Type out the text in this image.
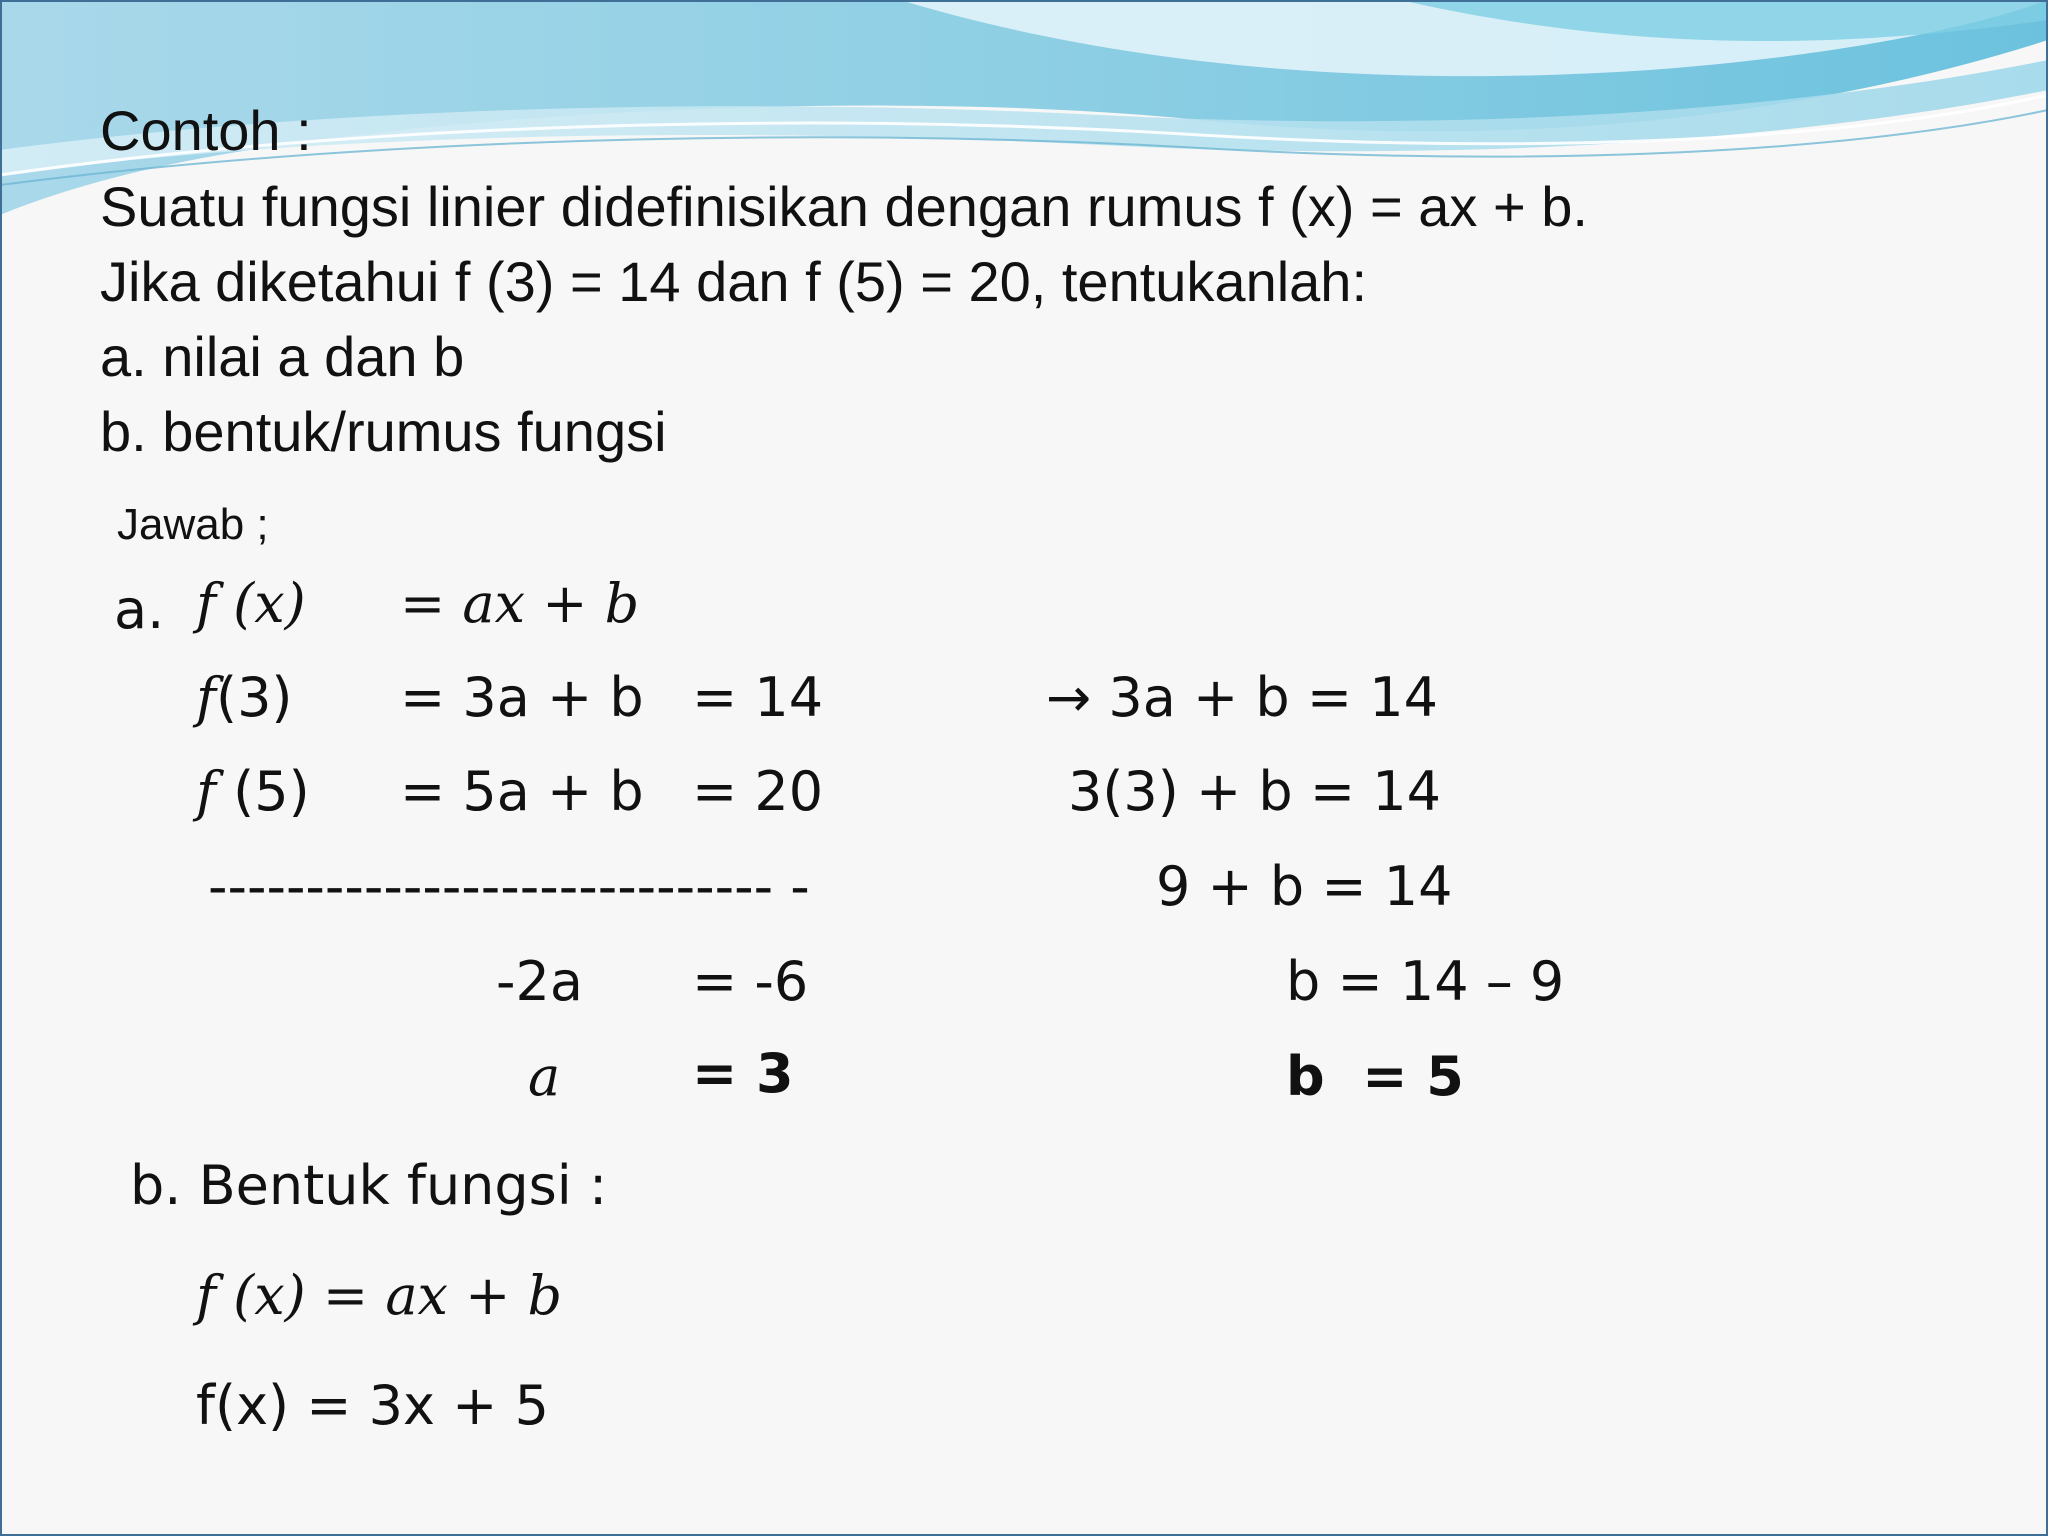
Contoh :
Suatu fungsi linier didefinisikan dengan rumus f (x) = ax + b.
Jika diketahui f (3) = 14 dan f (5) = 20, tentukanlah:
a. nilai a dan b
b. bentuk/rumus fungsi
Jawab ;
a. f (x) = ax + b
f(3) = 3a + b = 14
f (5) = 5a + b = 20
----------------------------- -
-2a = -6
a = 3
→ 3a + b = 14
3(3) + b = 14
9 + b = 14
b = 14 – 9
b  = 5
b. Bentuk fungsi :
f (x) = ax + b
f(x) = 3x + 5
